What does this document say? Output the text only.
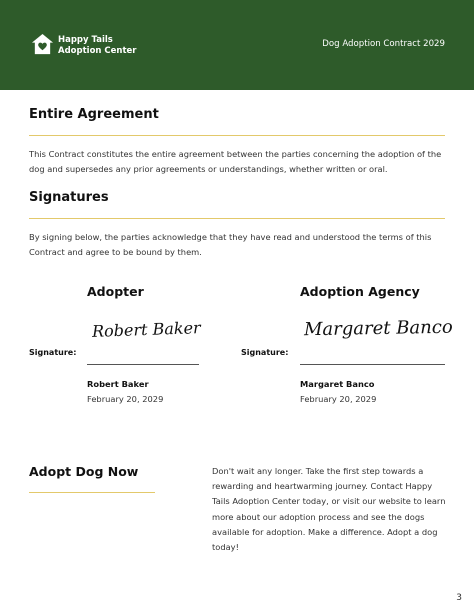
Happy Tails
Adoption Center
Dog Adoption Contract 2029
Entire Agreement
This Contract constitutes the entire agreement between the parties concerning the adoption of the dog and supersedes any prior agreements or understandings, whether written or oral.
Signatures
By signing below, the parties acknowledge that they have read and understood the terms of this Contract and agree to be bound by them.
Adopter
Robert Baker
Signature:
Robert Baker
February 20, 2029
Adoption Agency
Margaret Banco
Signature:
Margaret Banco
February 20, 2029
Adopt Dog Now	Don't wait any longer. Take the first step towards a rewarding and heartwarming journey. Contact Happy Tails Adoption Center today, or visit our website to learn more about our adoption process and see the dogs available for adoption. Make a difference. Adopt a dog today!
3
